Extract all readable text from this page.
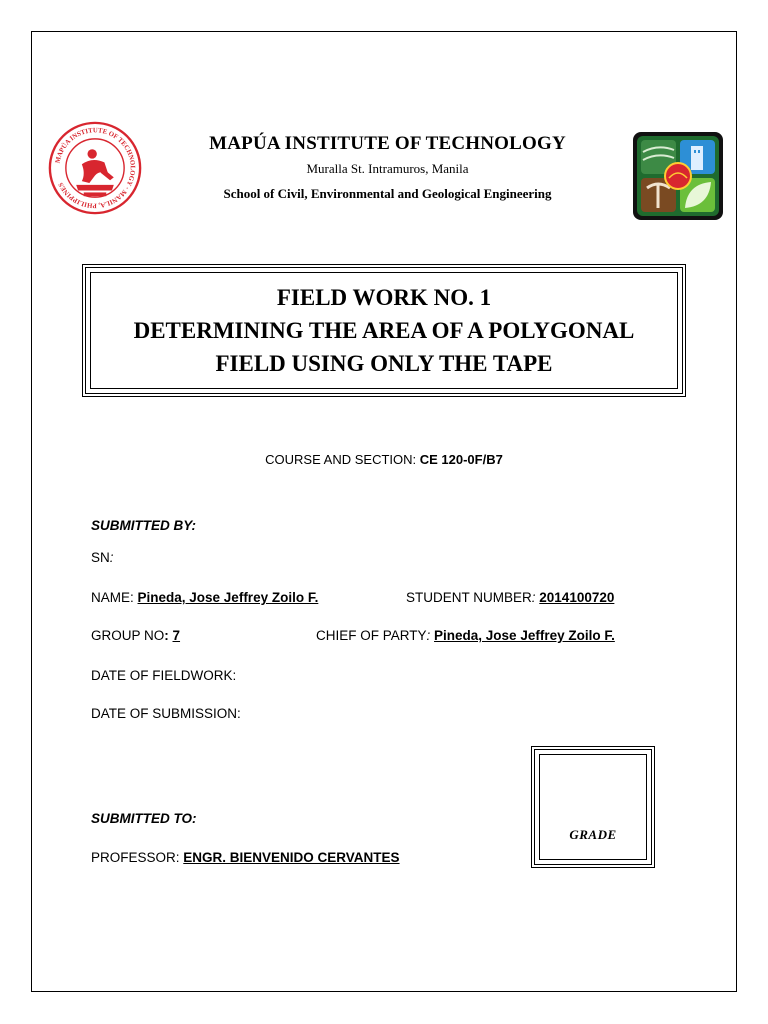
MAPÚA INSTITUTE OF TECHNOLOGY · MANILA, PHILIPPINES
MAPÚA INSTITUTE OF TECHNOLOGY
Muralla St. Intramuros, Manila
School of Civil, Environmental and Geological Engineering
FIELD WORK NO. 1
DETERMINING THE AREA OF A POLYGONAL
FIELD USING ONLY THE TAPE
COURSE AND SECTION: CE 120-0F/B7
SUBMITTED BY:
SN:
NAME: Pineda, Jose Jeffrey Zoilo F.	STUDENT NUMBER: 2014100720
GROUP NO: 7	CHIEF OF PARTY: Pineda, Jose Jeffrey Zoilo F.
DATE OF FIELDWORK:
DATE OF SUBMISSION:
SUBMITTED TO:
PROFESSOR: ENGR. BIENVENIDO CERVANTES
GRADE
